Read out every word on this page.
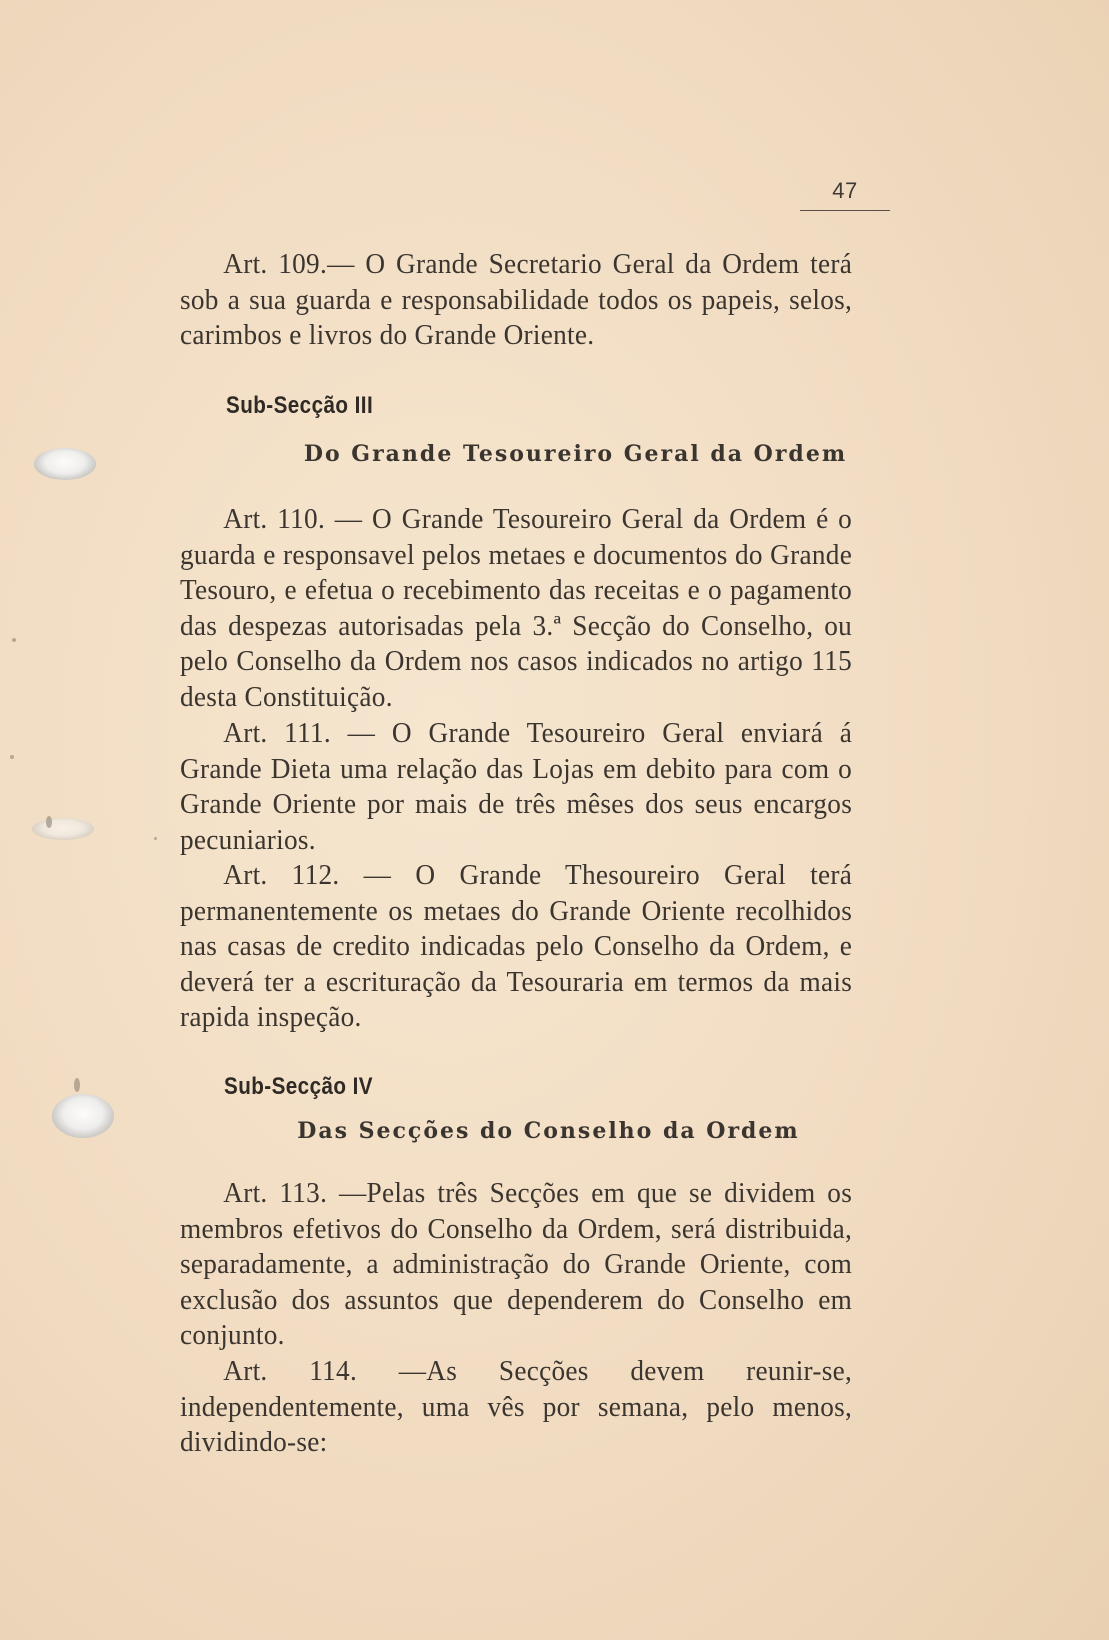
47

Art. 109.— O Grande Secretario Geral da Ordem terá sob a sua guarda e responsabilidade todos os papeis, selos, carimbos e livros do Grande Oriente.

Sub-Secção III
Do Grande Tesoureiro Geral da Ordem

Art. 110. — O Grande Tesoureiro Geral da Ordem é o guarda e responsavel pelos metaes e documentos do Grande Tesouro, e efetua o recebimento das receitas e o pagamento das despezas autorisadas pela 3.ª Secção do Conselho, ou pelo Conselho da Ordem nos casos indicados no artigo 115 desta Constituição.

Art. 111. — O Grande Tesoureiro Geral enviará á Grande Dieta uma relação das Lojas em debito para com o Grande Oriente por mais de três mêses dos seus encargos pecuniarios.

Art. 112. — O Grande Thesoureiro Geral terá permanentemente os metaes do Grande Oriente recolhidos nas casas de credito indicadas pelo Conselho da Ordem, e deverá ter a escrituração da Tesouraria em termos da mais rapida inspeção.

Sub-Secção IV
Das Secções do Conselho da Ordem

Art. 113. —Pelas três Secções em que se dividem os membros efetivos do Conselho da Ordem, será distribuida, separadamente, a administração do Grande Oriente, com exclusão dos assuntos que dependerem do Conselho em conjunto.

Art. 114. —As Secções devem reunir-se, independentemente, uma vês por semana, pelo menos, dividindo-se:
